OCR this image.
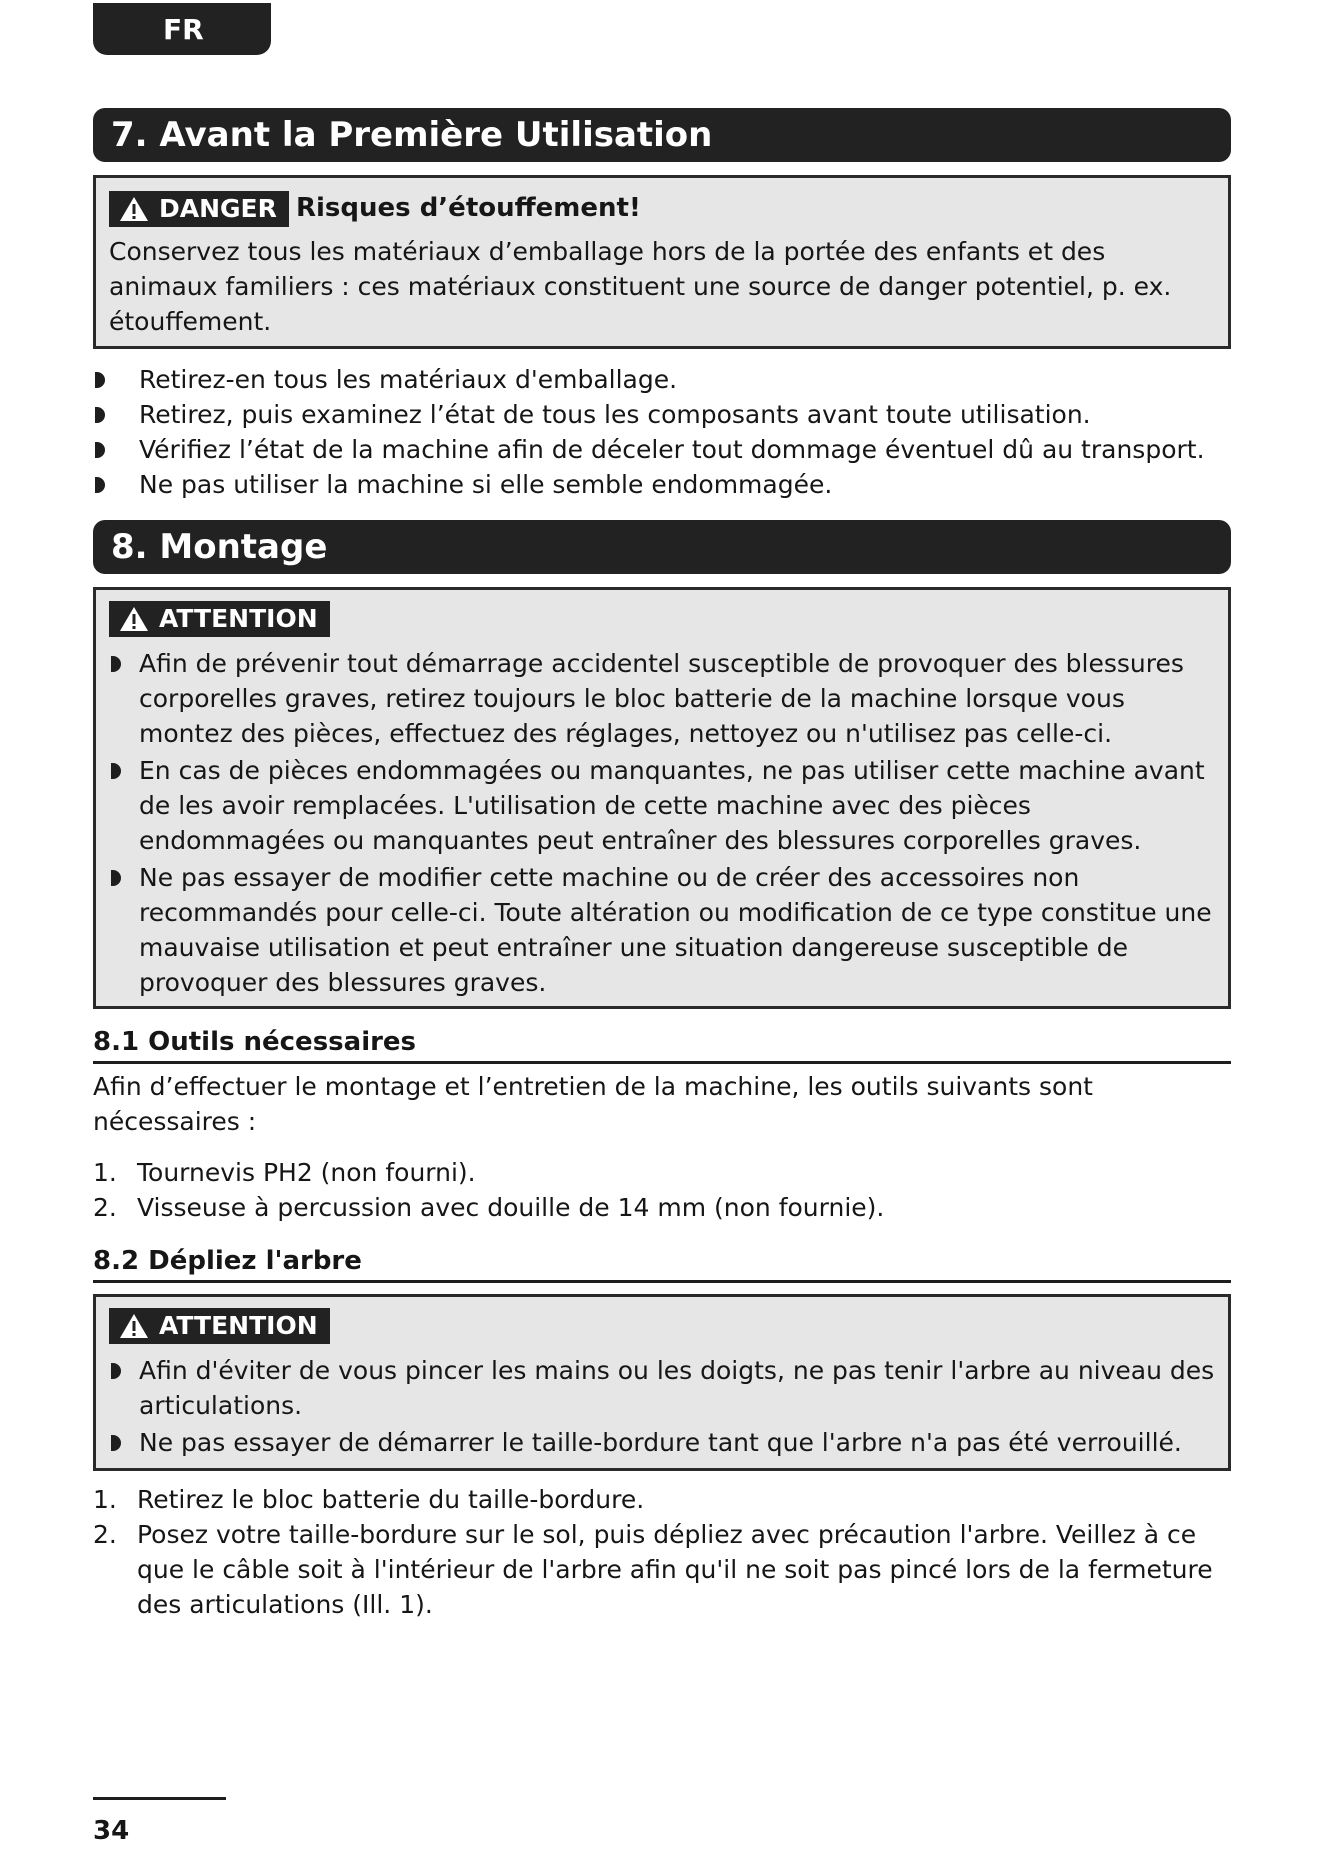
FR
7. Avant la Première Utilisation
DANGER Risques d’étouffement!

Conservez tous les matériaux d’emballage hors de la portée des enfants et des animaux familiers : ces matériaux constituent une source de danger potentiel, p. ex. étouffement.

Retirez-en tous les matériaux d'emballage.
Retirez, puis examinez l’état de tous les composants avant toute utilisation.
Vérifiez l’état de la machine afin de déceler tout dommage éventuel dû au transport.
Ne pas utiliser la machine si elle semble endommagée.
8. Montage
ATTENTION
Afin de prévenir tout démarrage accidentel susceptible de provoquer des blessures corporelles graves, retirez toujours le bloc batterie de la machine lorsque vous montez des pièces, effectuez des réglages, nettoyez ou n'utilisez pas celle-ci.
En cas de pièces endommagées ou manquantes, ne pas utiliser cette machine avant de les avoir remplacées. L'utilisation de cette machine avec des pièces endommagées ou manquantes peut entraîner des blessures corporelles graves.
Ne pas essayer de modifier cette machine ou de créer des accessoires non recommandés pour celle-ci. Toute altération ou modification de ce type constitue une mauvaise utilisation et peut entraîner une situation dangereuse susceptible de provoquer des blessures graves.
8.1 Outils nécessaires

Afin d’effectuer le montage et l’entretien de la machine, les outils suivants sont nécessaires :

1. Tournevis PH2 (non fourni).
2. Visseuse à percussion avec douille de 14 mm (non fournie).
8.2 Dépliez l'arbre
ATTENTION
Afin d'éviter de vous pincer les mains ou les doigts, ne pas tenir l'arbre au niveau des articulations.
Ne pas essayer de démarrer le taille-bordure tant que l'arbre n'a pas été verrouillé.
1. Retirez le bloc batterie du taille-bordure.
2. Posez votre taille-bordure sur le sol, puis dépliez avec précaution l'arbre. Veillez à ce que le câble soit à l'intérieur de l'arbre afin qu'il ne soit pas pincé lors de la fermeture des articulations (Ill. 1).
34
